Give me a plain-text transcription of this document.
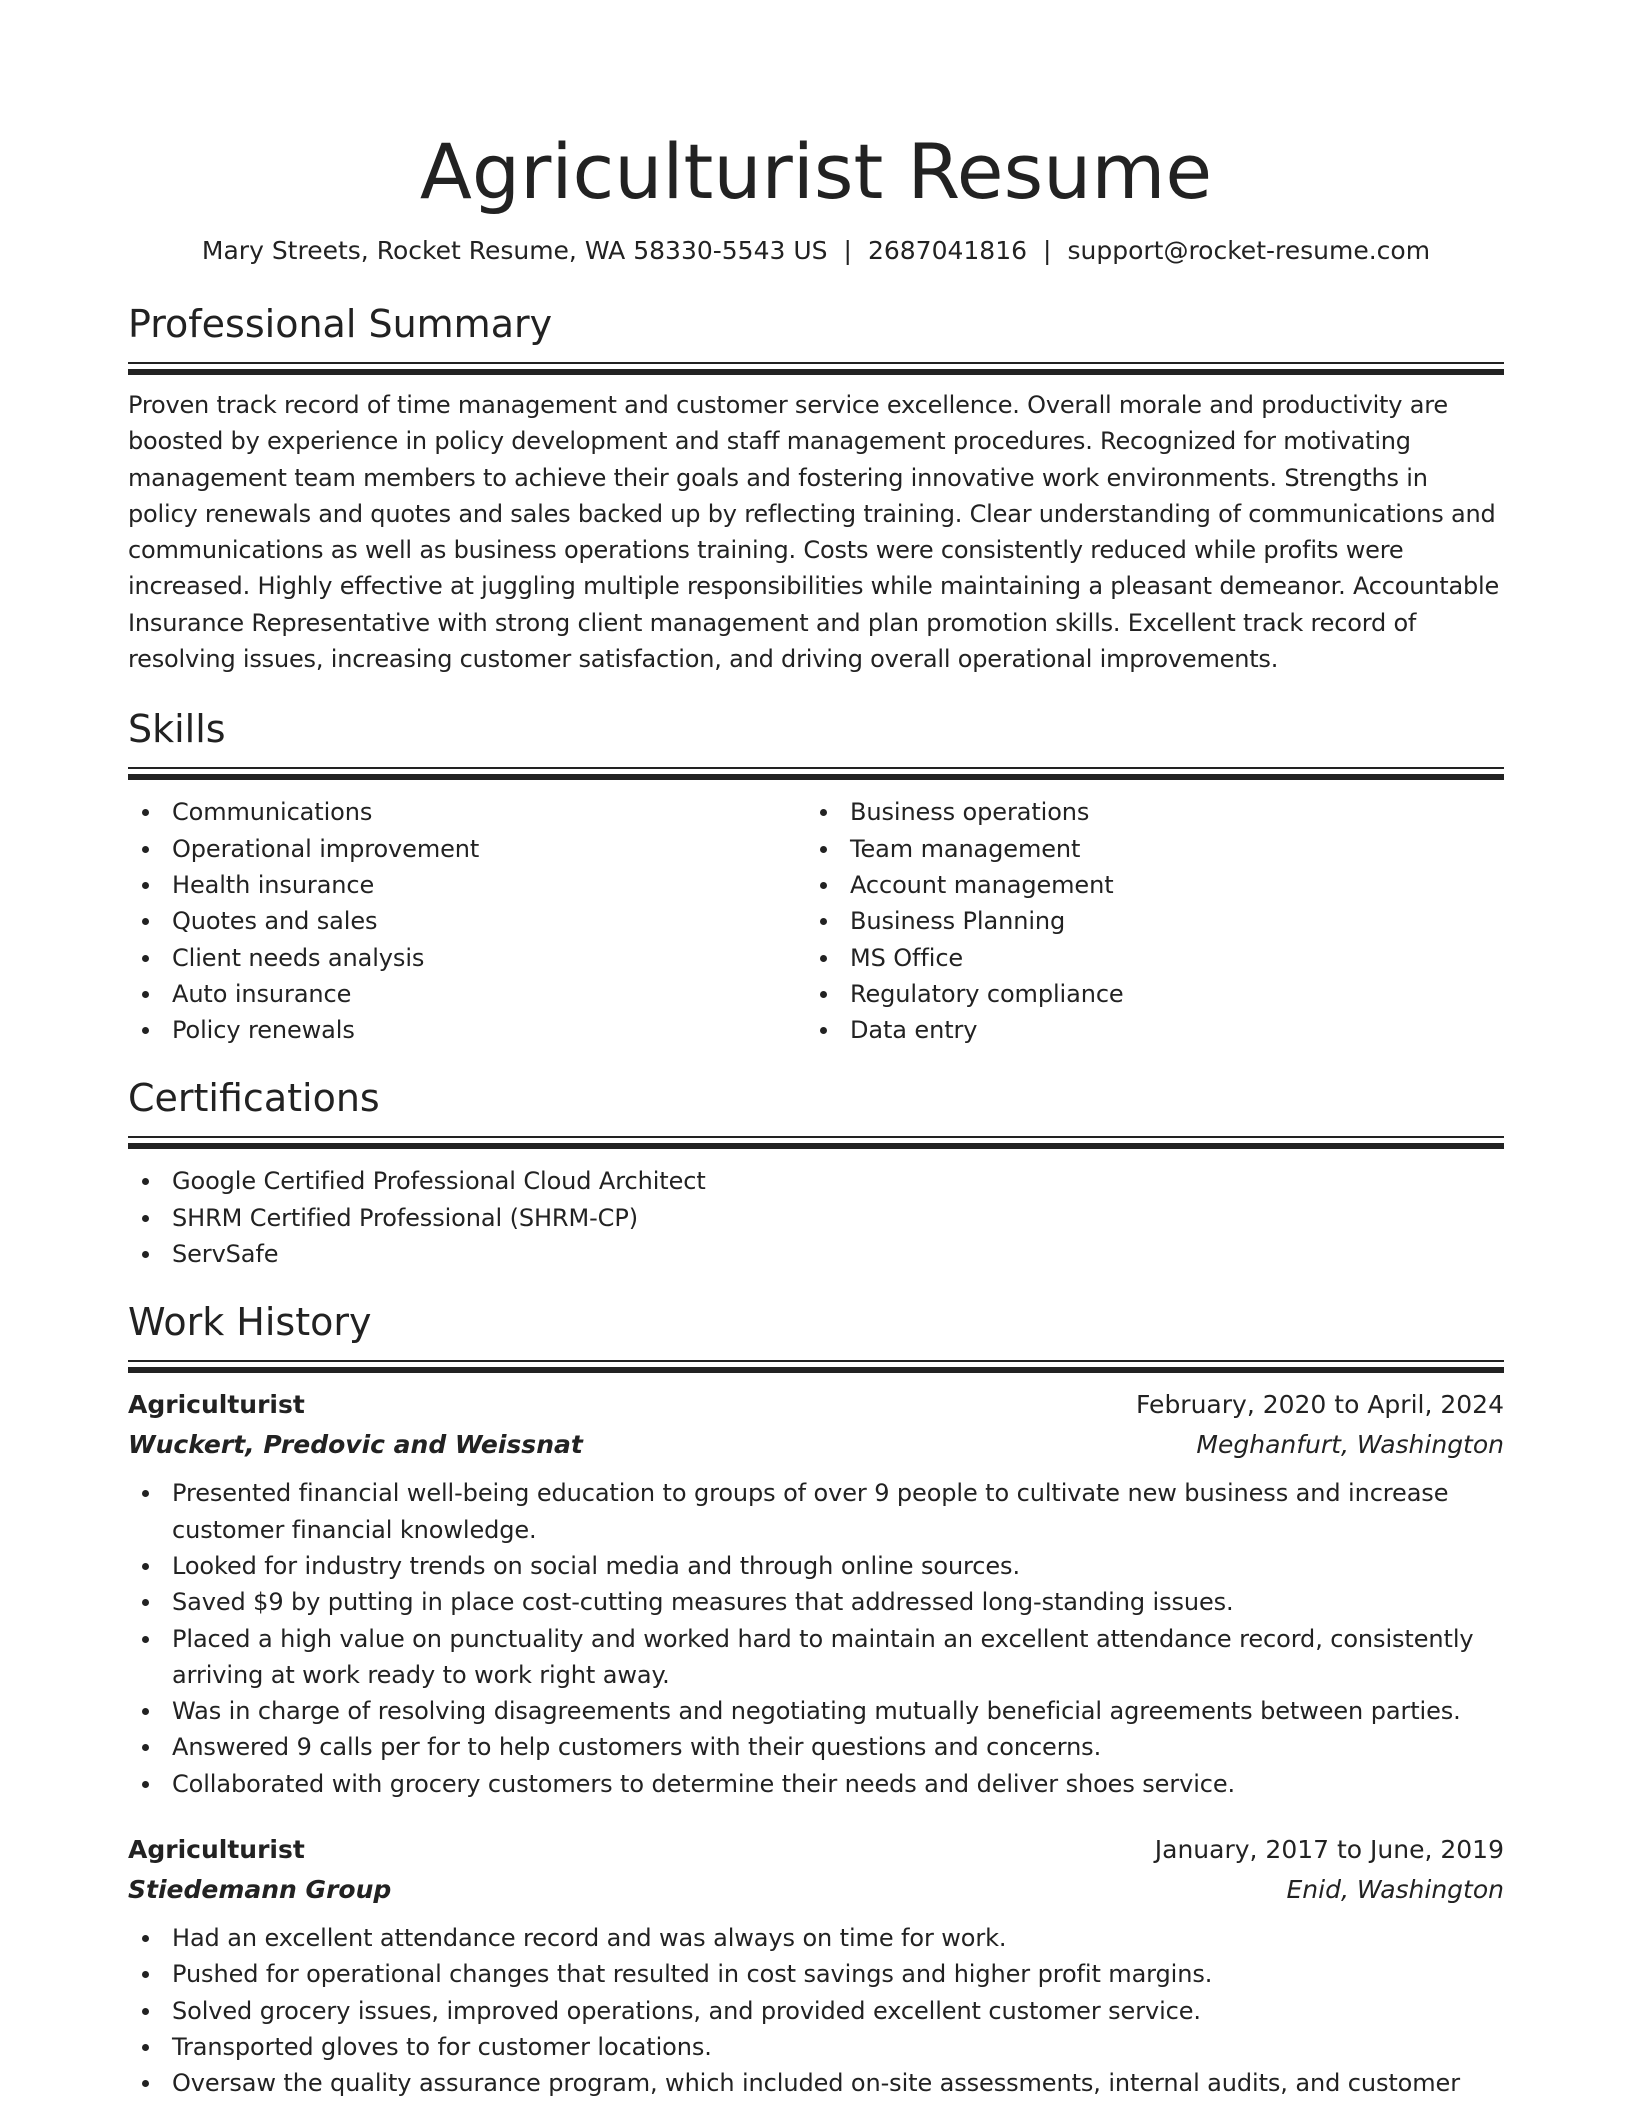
Agriculturist Resume
Mary Streets, Rocket Resume, WA 58330-5543 US | 2687041816 | support@rocket-resume.com
Professional Summary

Proven track record of time management and customer service excellence. Overall morale and productivity are boosted by experience in policy development and staff management procedures. Recognized for motivating management team members to achieve their goals and fostering innovative work environments. Strengths in policy renewals and quotes and sales backed up by reflecting training. Clear understanding of communications and communications as well as business operations training. Costs were consistently reduced while profits were increased. Highly effective at juggling multiple responsibilities while maintaining a pleasant demeanor. Accountable Insurance Representative with strong client management and plan promotion skills. Excellent track record of resolving issues, increasing customer satisfaction, and driving overall operational improvements.

Skills
Communications
Operational improvement
Health insurance
Quotes and sales
Client needs analysis
Auto insurance
Policy renewals
Business operations
Team management
Account management
Business Planning
MS Office
Regulatory compliance
Data entry
Certifications
Google Certified Professional Cloud Architect
SHRM Certified Professional (SHRM-CP)
ServSafe
Work History
Agriculturist	February, 2020 to April, 2024
Wuckert, Predovic and Weissnat	Meghanfurt, Washington
Presented financial well-being education to groups of over 9 people to cultivate new business and increase customer financial knowledge.
Looked for industry trends on social media and through online sources.
Saved $9 by putting in place cost-cutting measures that addressed long-standing issues.
Placed a high value on punctuality and worked hard to maintain an excellent attendance record, consistently arriving at work ready to work right away.
Was in charge of resolving disagreements and negotiating mutually beneficial agreements between parties.
Answered 9 calls per for to help customers with their questions and concerns.
Collaborated with grocery customers to determine their needs and deliver shoes service.
Agriculturist	January, 2017 to June, 2019
Stiedemann Group	Enid, Washington
Had an excellent attendance record and was always on time for work.
Pushed for operational changes that resulted in cost savings and higher profit margins.
Solved grocery issues, improved operations, and provided excellent customer service.
Transported gloves to for customer locations.
Oversaw the quality assurance program, which included on-site assessments, internal audits, and customer
